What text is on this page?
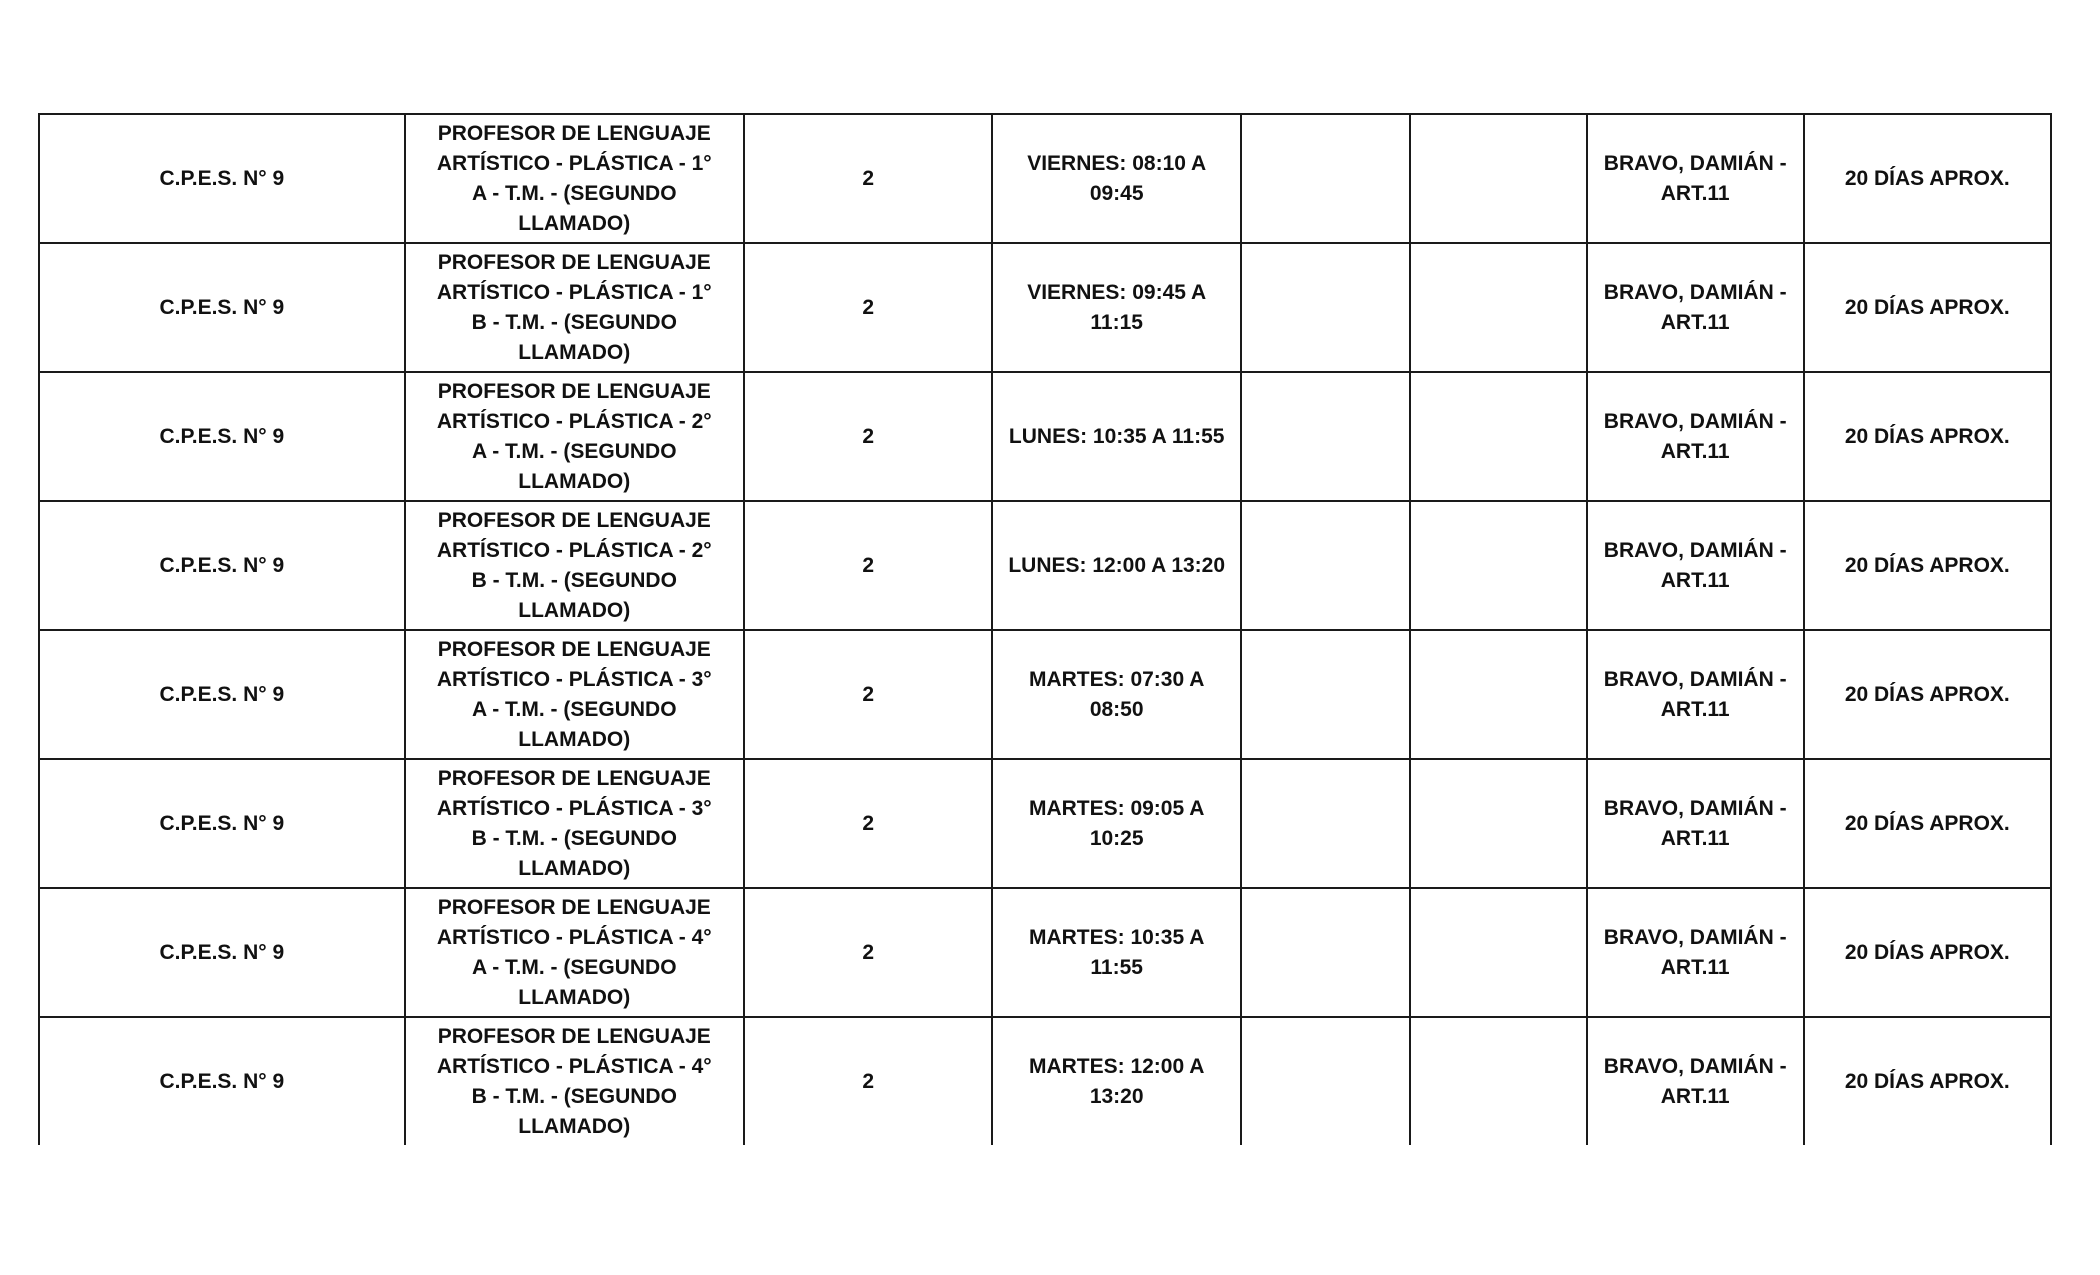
C.P.E.S. N° 9	PROFESOR DE LENGUAJE ARTÍSTICO - PLÁSTICA - 1° A - T.M. - (SEGUNDO LLAMADO)	2	VIERNES: 08:10 A 09:45			BRAVO, DAMIÁN - ART.11	20 DÍAS APROX.
C.P.E.S. N° 9	PROFESOR DE LENGUAJE ARTÍSTICO - PLÁSTICA - 1° B - T.M. - (SEGUNDO LLAMADO)	2	VIERNES: 09:45 A 11:15			BRAVO, DAMIÁN - ART.11	20 DÍAS APROX.
C.P.E.S. N° 9	PROFESOR DE LENGUAJE ARTÍSTICO - PLÁSTICA - 2° A - T.M. - (SEGUNDO LLAMADO)	2	LUNES: 10:35 A 11:55			BRAVO, DAMIÁN - ART.11	20 DÍAS APROX.
C.P.E.S. N° 9	PROFESOR DE LENGUAJE ARTÍSTICO - PLÁSTICA - 2° B - T.M. - (SEGUNDO LLAMADO)	2	LUNES: 12:00 A 13:20			BRAVO, DAMIÁN - ART.11	20 DÍAS APROX.
C.P.E.S. N° 9	PROFESOR DE LENGUAJE ARTÍSTICO - PLÁSTICA - 3° A - T.M. - (SEGUNDO LLAMADO)	2	MARTES: 07:30 A 08:50			BRAVO, DAMIÁN - ART.11	20 DÍAS APROX.
C.P.E.S. N° 9	PROFESOR DE LENGUAJE ARTÍSTICO - PLÁSTICA - 3° B - T.M. - (SEGUNDO LLAMADO)	2	MARTES: 09:05 A 10:25			BRAVO, DAMIÁN - ART.11	20 DÍAS APROX.
C.P.E.S. N° 9	PROFESOR DE LENGUAJE ARTÍSTICO - PLÁSTICA - 4° A - T.M. - (SEGUNDO LLAMADO)	2	MARTES: 10:35 A 11:55			BRAVO, DAMIÁN - ART.11	20 DÍAS APROX.
C.P.E.S. N° 9	PROFESOR DE LENGUAJE ARTÍSTICO - PLÁSTICA - 4° B - T.M. - (SEGUNDO LLAMADO)	2	MARTES: 12:00 A 13:20			BRAVO, DAMIÁN - ART.11	20 DÍAS APROX.
